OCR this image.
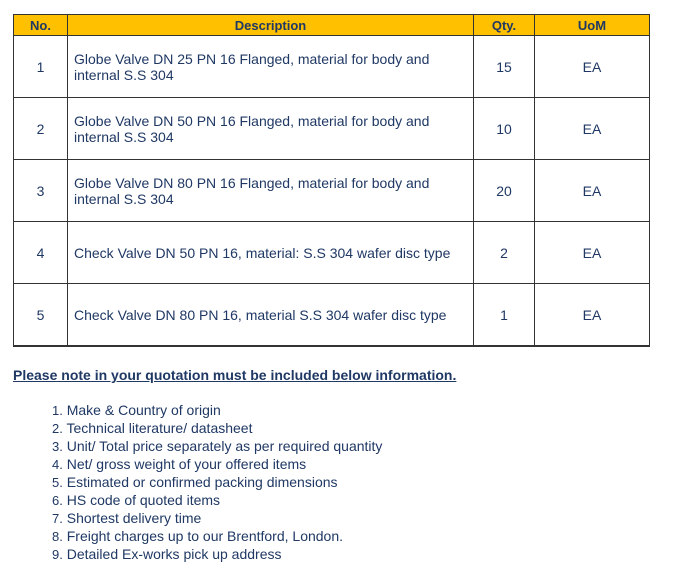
No.	Description	Qty.	UoM
1	Globe Valve DN 25 PN 16 Flanged, material for body and internal S.S 304	15	EA
2	Globe Valve DN 50 PN 16 Flanged, material for body and internal S.S 304	10	EA
3	Globe Valve DN 80 PN 16 Flanged, material for body and internal S.S 304	20	EA
4	Check Valve DN 50 PN 16, material: S.S 304 wafer disc type	2	EA
5	Check Valve DN 80 PN 16, material S.S 304 wafer disc type	1	EA

Please note in your quotation must be included below information.

1. Make & Country of origin
2. Technical literature/ datasheet
3. Unit/ Total price separately as per required quantity
4. Net/ gross weight of your offered items
5. Estimated or confirmed packing dimensions
6. HS code of quoted items
7. Shortest delivery time
8. Freight charges up to our Brentford, London.
9. Detailed Ex-works pick up address
